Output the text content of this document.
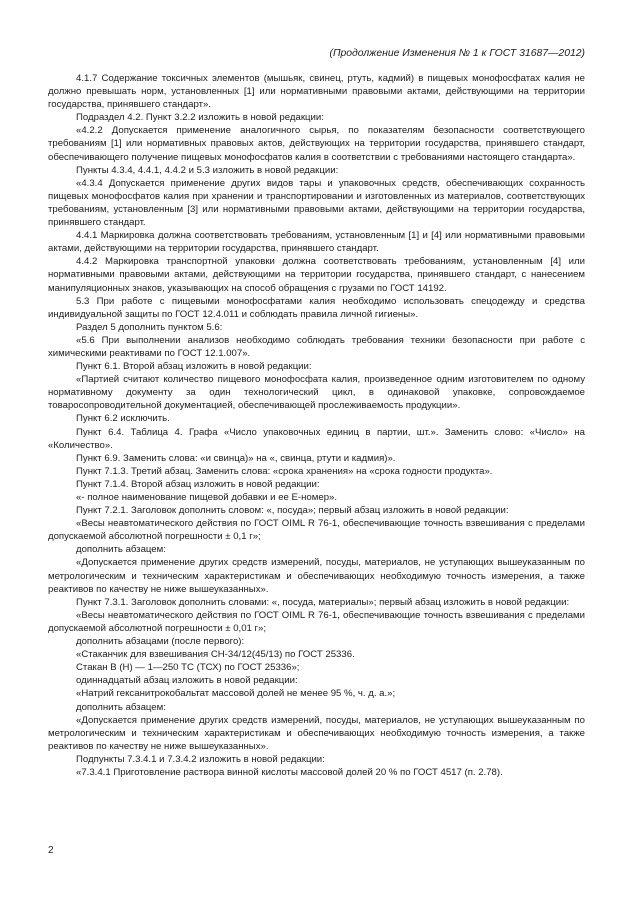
(Продолжение Изменения № 1 к ГОСТ 31687—2012)

4.1.7 Содержание токсичных элементов (мышьяк, свинец, ртуть, кадмий) в пищевых монофосфатах калия не должно превышать норм, установленных [1] или нормативными правовыми актами, действующими на территории государства, принявшего стандарт».

Подраздел 4.2. Пункт 3.2.2 изложить в новой редакции:

«4.2.2 Допускается применение аналогичного сырья, по показателям безопасности соответствующего требованиям [1] или нормативных правовых актов, действующих на территории государства, принявшего стандарт, обеспечивающего получение пищевых монофосфатов калия в соответствии с требованиями настоящего стандарта».

Пункты 4.3.4, 4.4.1, 4.4.2 и 5.3 изложить в новой редакции:

«4.3.4 Допускается применение других видов тары и упаковочных средств, обеспечивающих сохранность пищевых монофосфатов калия при хранении и транспортировании и изготовленных из материалов, соответствующих требованиям, установленным [3] или нормативными правовыми актами, действующими на территории государства, принявшего стандарт.

4.4.1 Маркировка должна соответствовать требованиям, установленным [1] и [4] или нормативными правовыми актами, действующими на территории государства, принявшего стандарт.

4.4.2 Маркировка транспортной упаковки должна соответствовать требованиям, установленным [4] или нормативными правовыми актами, действующими на территории государства, принявшего стандарт, с нанесением манипуляционных знаков, указывающих на способ обращения с грузами по ГОСТ 14192.

5.3 При работе с пищевыми монофосфатами калия необходимо использовать спецодежду и средства индивидуальной защиты по ГОСТ 12.4.011 и соблюдать правила личной гигиены».

Раздел 5 дополнить пунктом 5.6:

«5.6 При выполнении анализов необходимо соблюдать требования техники безопасности при работе с химическими реактивами по ГОСТ 12.1.007».

Пункт 6.1. Второй абзац изложить в новой редакции:

«Партией считают количество пищевого монофосфата калия, произведенное одним изготовителем по одному нормативному документу за один технологический цикл, в одинаковой упаковке, сопровождаемое товаросопроводительной документацией, обеспечивающей прослеживаемость продукции».

Пункт 6.2 исключить.

Пункт 6.4. Таблица 4. Графа «Число упаковочных единиц в партии, шт.». Заменить слово: «Число» на «Количество».

Пункт 6.9. Заменить слова: «и свинца)» на «, свинца, ртути и кадмия)».

Пункт 7.1.3. Третий абзац. Заменить слова: «срока хранения» на «срока годности продукта».

Пункт 7.1.4. Второй абзац изложить в новой редакции:

«- полное наименование пищевой добавки и ее Е-номер».

Пункт 7.2.1. Заголовок дополнить словом: «, посуда»; первый абзац изложить в новой редакции:

«Весы неавтоматического действия по ГОСТ OIML R 76-1, обеспечивающие точность взвешивания с пределами допускаемой абсолютной погрешности ± 0,1 г»;

дополнить абзацем:

«Допускается применение других средств измерений, посуды, материалов, не уступающих вышеуказанным по метрологическим и техническим характеристикам и обеспечивающих необходимую точность измерения, а также реактивов по качеству не ниже вышеуказанных».

Пункт 7.3.1. Заголовок дополнить словами: «, посуда, материалы»; первый абзац изложить в новой редакции:

«Весы неавтоматического действия по ГОСТ OIML R 76-1, обеспечивающие точность взвешивания с пределами допускаемой абсолютной погрешности ± 0,01 г»;

дополнить абзацами (после первого):

«Стаканчик для взвешивания СН-34/12(45/13) по ГОСТ 25336.

Стакан В (Н) — 1—250 ТС (ТСХ) по ГОСТ 25336»;

одиннадцатый абзац изложить в новой редакции:

«Натрий гексанитрокобальтат массовой долей не менее 95 %, ч. д. а.»;

дополнить абзацем:

«Допускается применение других средств измерений, посуды, материалов, не уступающих вышеуказанным по метрологическим и техническим характеристикам и обеспечивающих необходимую точность измерения, а также реактивов по качеству не ниже вышеуказанных».

Подпункты 7.3.4.1 и 7.3.4.2 изложить в новой редакции:

«7.3.4.1 Приготовление раствора винной кислоты массовой долей 20 % по ГОСТ 4517 (п. 2.78).

2
